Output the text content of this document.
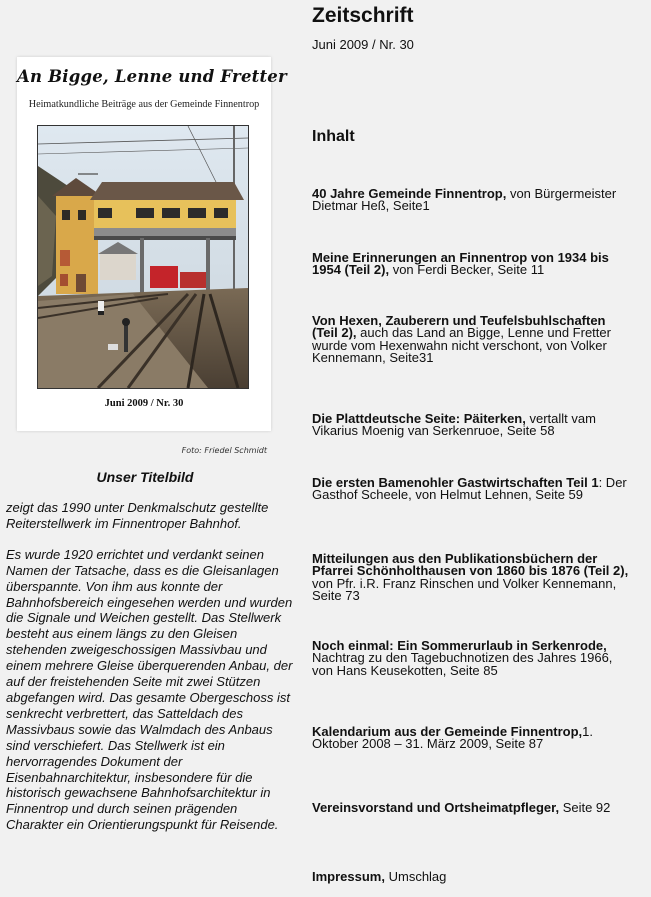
An Bigge, Lenne und Fretter
Heimatkundliche Beiträge aus der Gemeinde Finnentrop
Juni 2009 / Nr. 30
Foto: Friedel Schmidt
Unser Titelbild

zeigt das 1990 unter Denkmalschutz gestellte Reiterstellwerk im Finnentroper Bahnhof.

Es wurde 1920 errichtet und verdankt seinen Namen der Tatsache, dass es die Gleisanlagen überspannte. Von ihm aus konnte der Bahnhofsbereich eingesehen werden und wurden die Signale und Weichen gestellt. Das Stellwerk besteht aus einem längs zu den Gleisen stehenden zweigeschossigen Massivbau und einem mehrere Gleise überquerenden Anbau, der auf der freistehenden Seite mit zwei Stützen abgefangen wird. Das gesamte Obergeschoss ist senkrecht verbrettert, das Satteldach des Massivbaus sowie das Walmdach des Anbaus sind verschiefert. Das Stellwerk ist ein hervorragendes Dokument der Eisenbahnarchitektur, insbesondere für die historisch gewachsene Bahnhofsarchitektur in Finnentrop und durch seinen prägenden Charakter ein Orientierungspunkt für Reisende.

Zeitschrift
Juni 2009 / Nr. 30
Inhalt
40 Jahre Gemeinde Finnentrop, von Bürgermeister Dietmar Heß, Seite1
Meine Erinnerungen an Finnentrop von 1934 bis 1954 (Teil 2), von Ferdi Becker, Seite 11
Von Hexen, Zauberern und Teufelsbuhlschaften (Teil 2), auch das Land an Bigge, Lenne und Fretter wurde vom Hexenwahn nicht verschont, von Volker Kennemann, Seite31
Die Plattdeutsche Seite: Päiterken, vertallt vam Vikarius Moenig van Serkenruoe, Seite 58
Die ersten Bamenohler Gastwirtschaften Teil 1: Der Gasthof Scheele, von Helmut Lehnen, Seite 59
Mitteilungen aus den Publikationsbüchern der Pfarrei Schönholthausen von 1860 bis 1876 (Teil 2), von Pfr. i.R. Franz Rinschen und Volker Kennemann, Seite 73
Noch einmal: Ein Sommerurlaub in Serkenrode, Nachtrag zu den Tagebuchnotizen des Jahres 1966, von Hans Keusekotten, Seite 85
Kalendarium aus der Gemeinde Finnentrop,1. Oktober 2008 – 31. März 2009, Seite 87
Vereinsvorstand und Ortsheimatpfleger, Seite 92
Impressum, Umschlag
